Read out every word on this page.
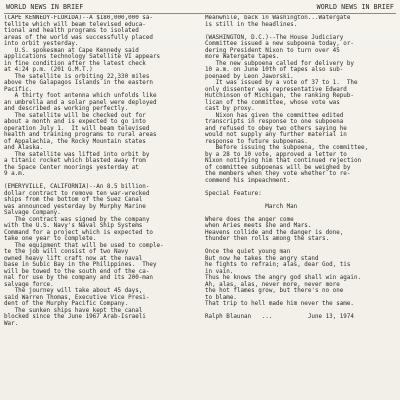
WORLD NEWS IN BRIEF	WORLD NEWS IN BRIEF
(CAPE KENNEDY-FLORIDA)--A $180,000,000 sa-
tellite which will beam televised educa-
tional and health programs to isolated
areas of the world was successfully placed
into orbit yesterday.
U.S. spokesman at Cape Kennedy said
applications technology Satellite VI appears
in fine condition after the latest check
at 4:24 p.m. (201 G.M.T.)
The satellite is orbiting 22,330 miles
above the Galapagos Islands in the eastern
Pacific.
A thirty foot antenna which unfolds like
an umbrella and a solar panel were deployed
and described as working perfectly.
The satellite will be checked out for
about a month and is expected to go into
operation July 1.  It will beam televised
health and training programs to rural areas
of Appalachia, the Rocky Mountain states
and Alaska.
The satellite was lifted into orbit by
a titanic rocket which blasted away from
the Space Center moorings yesterday at
9 a.m.
(EMERYVILLE, CALIFORNIA)--An 8.5 billion-
dollar contract to remove ten war-wrecked
ships from the bottom of the Suez Canal
was announced yesterday by Murphy Marine
Salvage Company.
The contract was signed by the company
with the U.S. Navy's Naval Ship Systems
Command for a project which is expected to
take one year to complete.
The equipment that will be used to comple-
te the job will consist of two Navy
owned heavy lift craft now at the naval
base in Subic Bay in the Philippines.  They
will be towed to the south end of the ca-
nal for use by the company and its 200-man
salvage force.
The journey will take about 45 days,
said Warren Thomas, Executive Vice Presi-
dent of the Murphy Pacific Company.
The sunken ships have kept the canal
blocked since the June 1967 Arab-Israeli
War.
Meanwhile, back in Washington...Watergate
is still in the headlines.
(WASHINGTON, D.C.)--The House Judiciary
Committee issued a new subpoena today, or-
dering President Nixon to turn over 45
more Watergate tapes.
The new subpoena called for delivery by
10 a.m. on June 10th of tapes also sub-
poenaed by Leon Jaworski.
It was issued by a vote of 37 to 1.  The
only dissenter was representative Edward
Hutchinson of Michigan, the ranking Repub-
lican of the committee, whose vote was
cast by proxy.
Nixon has given the committee edited
transcripts in response to one subpoena
and refused to obey two others saying he
would not supply any further material in
response to future subpoenas.
Before issuing the subpoena, the committee,
by a 28 to 10 vote, approved a letter to
Nixon notifying him that continued rejection
of committee subpoenas will be weighed by
the members when they vote whether to re-
commend his impeachment.
Special Feature:
March Man
Where does the anger come
when Aries meets she and Mars.
Heavens collide and the danger is done,
thunder then rolls among the stars.
Once the quiet young man
But now he takes the angry stand
he fights to refrain; alas, dear God, tis
in vain.
Thus he knows the angry god shall win again.
Ah, alas, alas, never more, never more
the hot flames grow, but there's no one
to blame.
That trip to hell made him never the same.
Ralph Blaunan   ...          June 13, 1974
